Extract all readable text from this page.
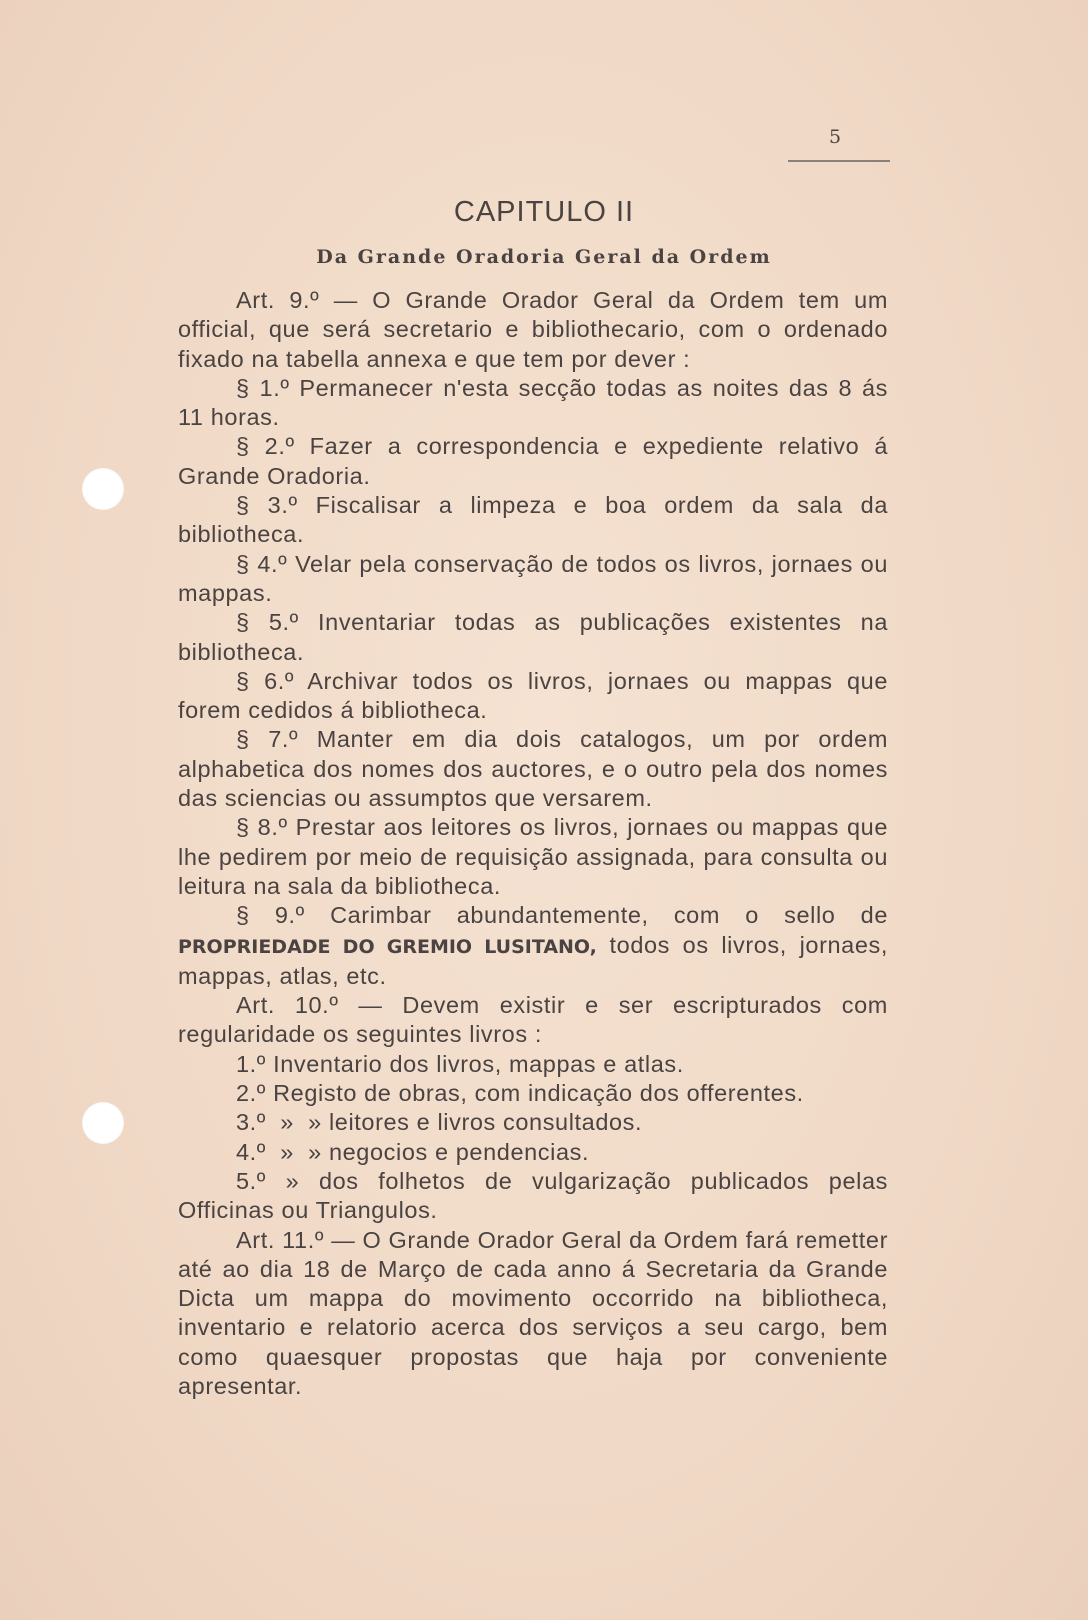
5
CAPITULO II
Da Grande Oradoria Geral da Ordem

Art. 9.º — O Grande Orador Geral da Ordem tem um official, que será secretario e bibliothecario, com o ordenado fixado na tabella annexa e que tem por dever :

§ 1.º Permanecer n'esta secção todas as noites das 8 ás 11 horas.

§ 2.º Fazer a correspondencia e expediente relativo á Grande Oradoria.

§ 3.º Fiscalisar a limpeza e boa ordem da sala da bibliotheca.

§ 4.º Velar pela conservação de todos os livros, jornaes ou mappas.

§ 5.º Inventariar todas as publicações existentes na bibliotheca.

§ 6.º Archivar todos os livros, jornaes ou mappas que forem cedidos á bibliotheca.

§ 7.º Manter em dia dois catalogos, um por ordem alphabetica dos nomes dos auctores, e o outro pela dos nomes das sciencias ou assumptos que versarem.

§ 8.º Prestar aos leitores os livros, jornaes ou mappas que lhe pedirem por meio de requisição assignada, para consulta ou leitura na sala da bibliotheca.

§ 9.º Carimbar abundantemente, com o sello de PROPRIEDADE DO GREMIO LUSITANO, todos os livros, jornaes, mappas, atlas, etc.

Art. 10.º — Devem existir e ser escripturados com regularidade os seguintes livros :

1.º Inventario dos livros, mappas e atlas.

2.º Registo de obras, com indicação dos offerentes.

3.º  »  » leitores e livros consultados.

4.º  »  » negocios e pendencias.

5.º » dos folhetos de vulgarização publicados pelas Officinas ou Triangulos.

Art. 11.º — O Grande Orador Geral da Ordem fará remetter até ao dia 18 de Março de cada anno á Secretaria da Grande Dicta um mappa do movimento occorrido na bibliotheca, inventario e relatorio acerca dos serviços a seu cargo, bem como quaesquer propostas que haja por conveniente apresentar.
